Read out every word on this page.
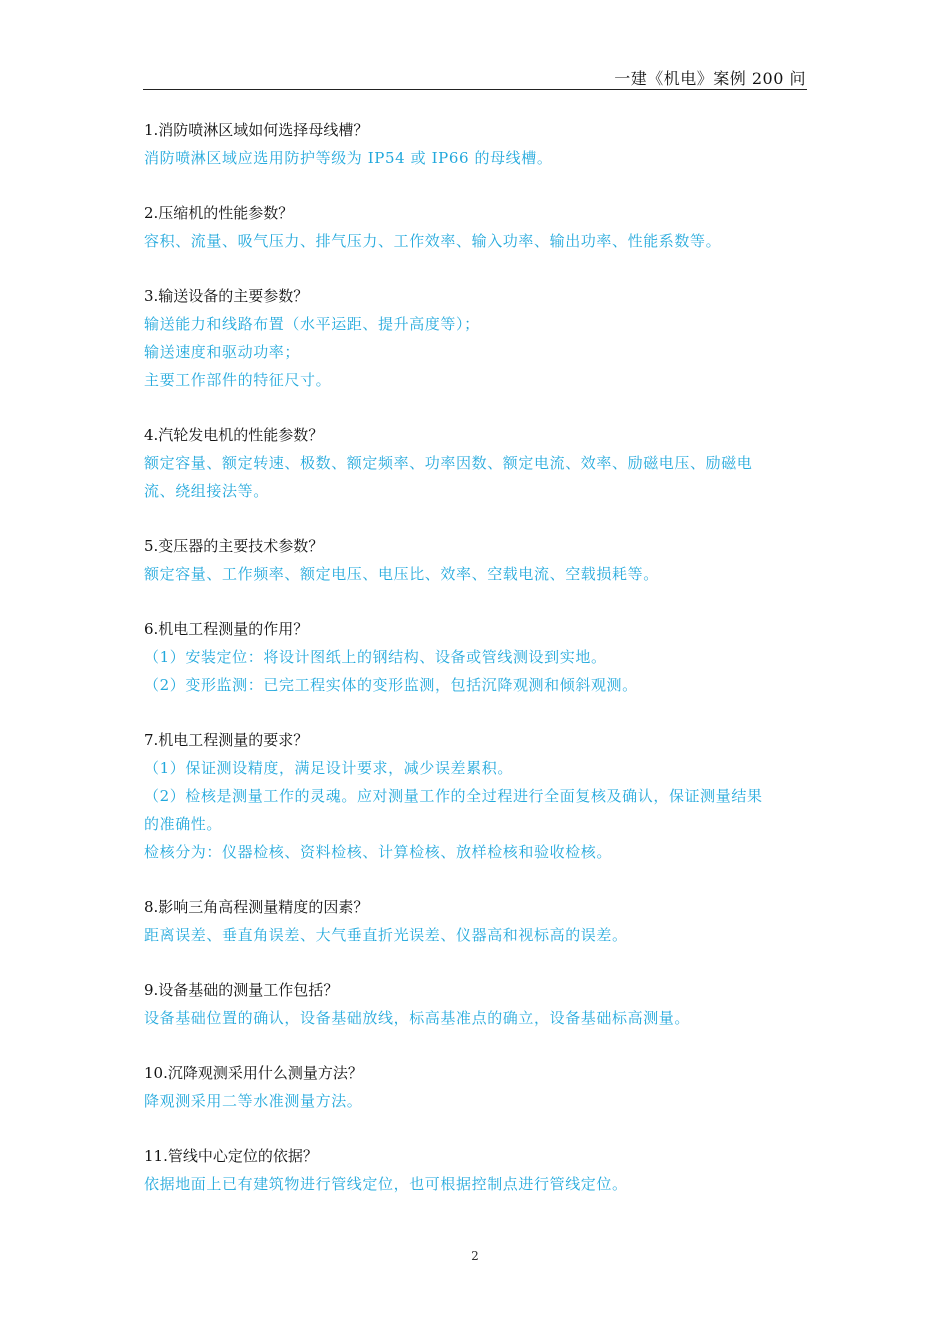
一建《机电》案例 200 问
1.消防喷淋区域如何选择母线槽？
消防喷淋区域应选用防护等级为 IP54 或 IP66 的母线槽。
2.压缩机的性能参数？
容积、流量、吸气压力、排气压力、工作效率、输入功率、输出功率、性能系数等。
3.输送设备的主要参数？
输送能力和线路布置（水平运距、提升高度等）；
输送速度和驱动功率；
主要工作部件的特征尺寸。
4.汽轮发电机的性能参数？
额定容量、额定转速、极数、额定频率、功率因数、额定电流、效率、励磁电压、励磁电
流、绕组接法等。
5.变压器的主要技术参数？
额定容量、工作频率、额定电压、电压比、效率、空载电流、空载损耗等。
6.机电工程测量的作用？
（1）安装定位：将设计图纸上的钢结构、设备或管线测设到实地。
（2）变形监测：已完工程实体的变形监测，包括沉降观测和倾斜观测。
7.机电工程测量的要求？
（1）保证测设精度，满足设计要求，减少误差累积。
（2）检核是测量工作的灵魂。应对测量工作的全过程进行全面复核及确认，保证测量结果
的准确性。
检核分为：仪器检核、资料检核、计算检核、放样检核和验收检核。
8.影响三角高程测量精度的因素？
距离误差、垂直角误差、大气垂直折光误差、仪器高和视标高的误差。
9.设备基础的测量工作包括？
设备基础位置的确认，设备基础放线，标高基准点的确立，设备基础标高测量。
10.沉降观测采用什么测量方法？
降观测采用二等水准测量方法。
11.管线中心定位的依据？
依据地面上已有建筑物进行管线定位，也可根据控制点进行管线定位。
2
